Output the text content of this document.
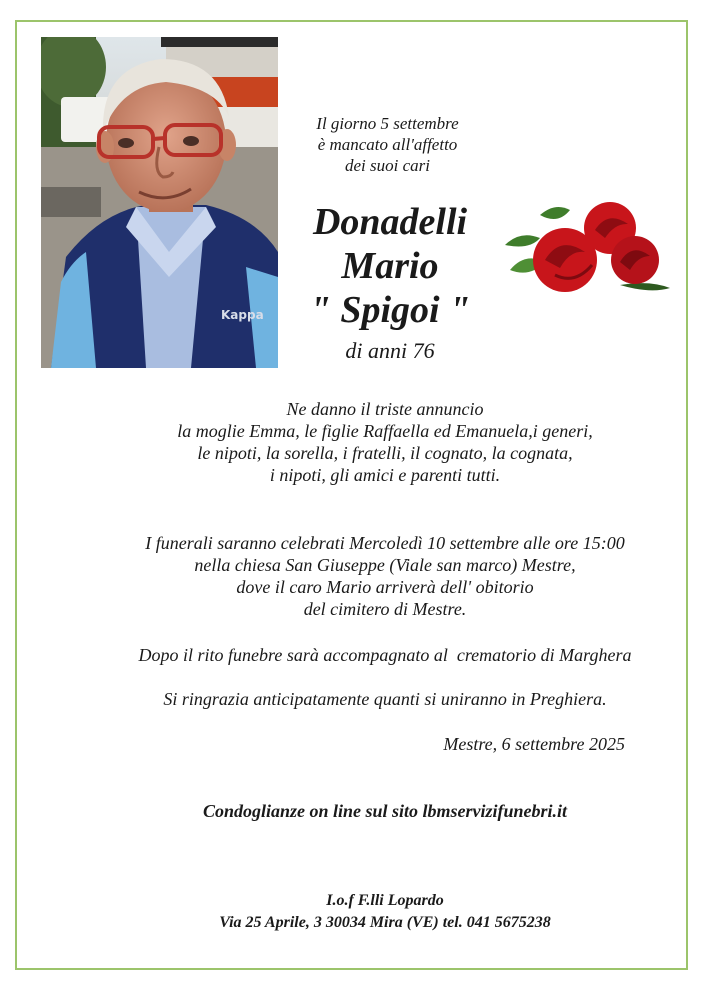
Kappa
Il giorno 5 settembre
è mancato all'affetto
dei suoi cari
Donadelli
Mario
" Spigoi "
di anni 76
Ne danno il triste annuncio
la moglie Emma, le figlie Raffaella ed Emanuela,i generi,
le nipoti, la sorella, i fratelli, il cognato, la cognata,
i nipoti, gli amici e parenti tutti.
I funerali saranno celebrati Mercoledì 10 settembre alle ore 15:00
nella chiesa San Giuseppe (Viale san marco) Mestre,
dove il caro Mario arriverà dell' obitorio
del cimitero di Mestre.
Dopo il rito funebre sarà accompagnato al  crematorio di Marghera
Si ringrazia anticipatamente quanti si uniranno in Preghiera.
Mestre, 6 settembre 2025
Condoglianze on line sul sito lbmservizifunebri.it
I.o.f F.lli Lopardo
Via 25 Aprile, 3 30034 Mira (VE) tel. 041 5675238
